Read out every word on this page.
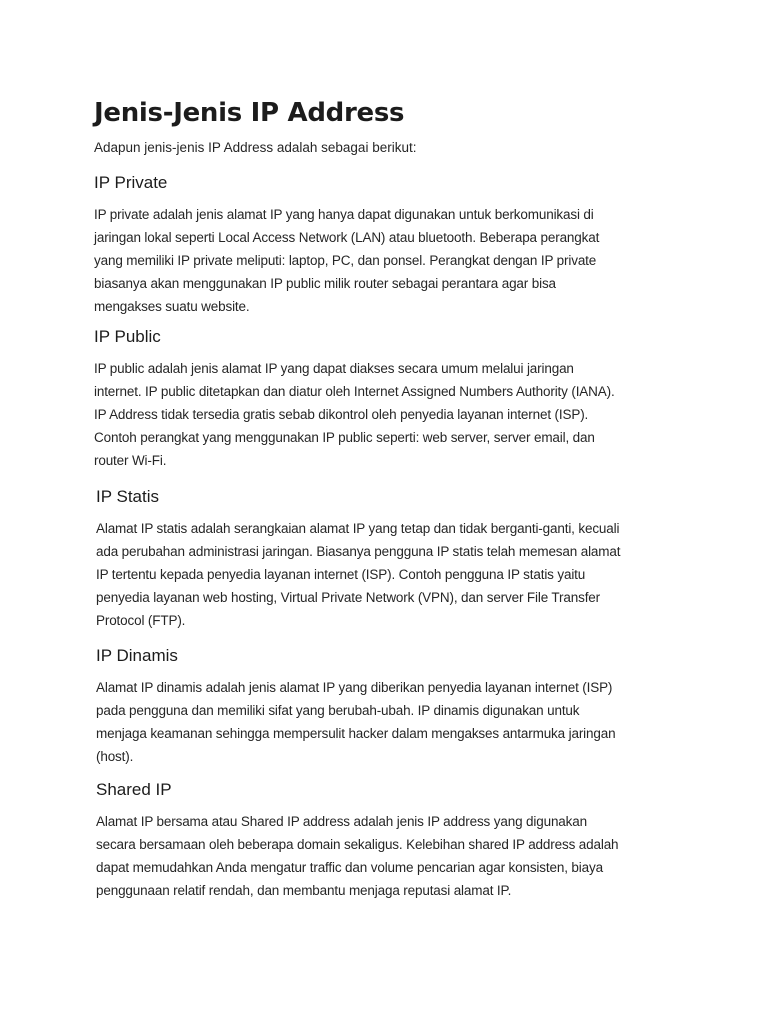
Jenis-Jenis IP Address

Adapun jenis-jenis IP Address adalah sebagai berikut:

IP Private

IP private adalah jenis alamat IP yang hanya dapat digunakan untuk berkomunikasi di jaringan lokal seperti Local Access Network (LAN) atau bluetooth. Beberapa perangkat yang memiliki IP private meliputi: laptop, PC, dan ponsel. Perangkat dengan IP private biasanya akan menggunakan IP public milik router sebagai perantara agar bisa mengakses suatu website.

IP Public

IP public adalah jenis alamat IP yang dapat diakses secara umum melalui jaringan internet. IP public ditetapkan dan diatur oleh Internet Assigned Numbers Authority (IANA). IP Address tidak tersedia gratis sebab dikontrol oleh penyedia layanan internet (ISP). Contoh perangkat yang menggunakan IP public seperti: web server, server email, dan router Wi-Fi.

IP Statis

Alamat IP statis adalah serangkaian alamat IP yang tetap dan tidak berganti-ganti, kecuali ada perubahan administrasi jaringan. Biasanya pengguna IP statis telah memesan alamat IP tertentu kepada penyedia layanan internet (ISP). Contoh pengguna IP statis yaitu penyedia layanan web hosting, Virtual Private Network (VPN), dan server File Transfer Protocol (FTP).

IP Dinamis

Alamat IP dinamis adalah jenis alamat IP yang diberikan penyedia layanan internet (ISP) pada pengguna dan memiliki sifat yang berubah-ubah. IP dinamis digunakan untuk menjaga keamanan sehingga mempersulit hacker dalam mengakses antarmuka jaringan (host).

Shared IP

Alamat IP bersama atau Shared IP address adalah jenis IP address yang digunakan secara bersamaan oleh beberapa domain sekaligus. Kelebihan shared IP address adalah dapat memudahkan Anda mengatur traffic dan volume pencarian agar konsisten, biaya penggunaan relatif rendah, dan membantu menjaga reputasi alamat IP.
